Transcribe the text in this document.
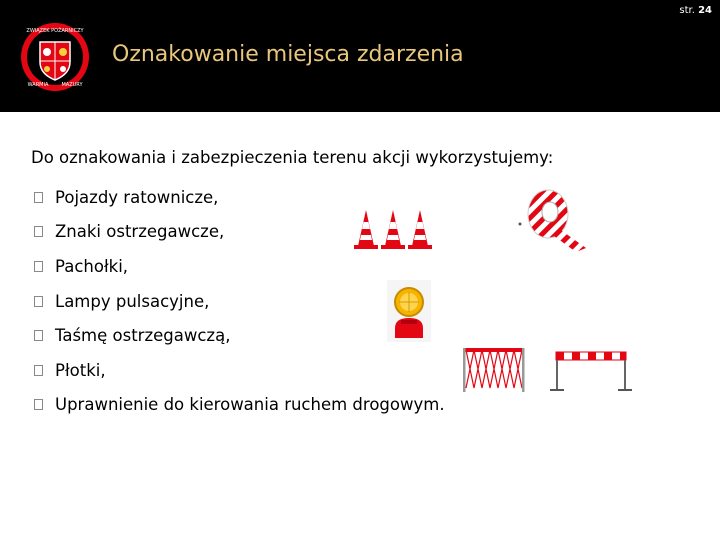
str. 24
ZWIĄZEK POŻARNICZY
WARMIA	MAZURY
Oznakowanie miejsca zdarzenia
Do oznakowania i zabezpieczenia terenu akcji wykorzystujemy:
Pojazdy ratownicze,
Znaki ostrzegawcze,
Pachołki,
Lampy pulsacyjne,
Taśmę ostrzegawczą,
Płotki,
Uprawnienie do kierowania ruchem drogowym.
